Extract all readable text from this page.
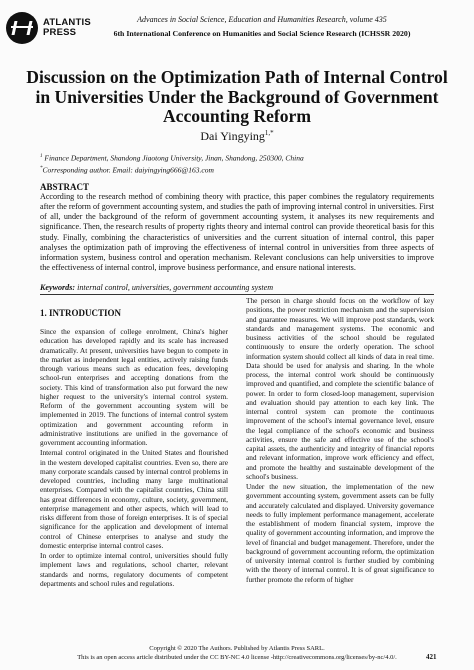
ATLANTIS
PRESS
Advances in Social Science, Education and Humanities Research, volume 435
6th International Conference on Humanities and Social Science Research (ICHSSR 2020)
Discussion on the Optimization Path of Internal Control in Universities Under the Background of Government Accounting Reform
Dai Yingying$^{1,*}$
$^1$ Finance Department, Shandong Jiaotong University, Jinan, Shandong, 250300, China
*Corresponding author. Email: daiyingying666@163.com
ABSTRACT
According to the research method of combining theory with practice, this paper combines the regulatory requirements after the reform of government accounting system, and studies the path of improving internal control in universities. First of all, under the background of the reform of government accounting system, it analyses its new requirements and significance. Then, the research results of property rights theory and internal control can provide theoretical basis for this study. Finally, combining the characteristics of universities and the current situation of internal control, this paper analyses the optimization path of improving the effectiveness of internal control in universities from three aspects of information system, business control and operation mechanism. Relevant conclusions can help universities to improve the effectiveness of internal control, improve business performance, and ensure national interests.
Keywords: internal control, universities, government accounting system
1. INTRODUCTION

Since the expansion of college enrolment, China's higher education has developed rapidly and its scale has increased dramatically. At present, universities have begun to compete in the market as independent legal entities, actively raising funds through various means such as education fees, developing school-run enterprises and accepting donations from the society. This kind of transformation also put forward the new higher request to the university's internal control system. Reform of the government accounting system will be implemented in 2019. The functions of internal control system optimization and government accounting reform in administrative institutions are unified in the governance of government accounting information.

Internal control originated in the United States and flourished in the western developed capitalist countries. Even so, there are many corporate scandals caused by internal control problems in developed countries, including many large multinational enterprises. Compared with the capitalist countries, China still has great differences in economy, culture, society, government, enterprise management and other aspects, which will lead to risks different from those of foreign enterprises. It is of special significance for the application and development of internal control of Chinese enterprises to analyse and study the domestic enterprise internal control cases.

In order to optimize internal control, universities should fully implement laws and regulations, school charter, relevant standards and norms, regulatory documents of competent departments and school rules and regulations.

The person in charge should focus on the workflow of key positions, the power restriction mechanism and the supervision and guarantee measures. We will improve post standards, work standards and management systems. The economic and business activities of the school should be regulated continuously to ensure the orderly operation. The school information system should collect all kinds of data in real time. Data should be used for analysis and sharing. In the whole process, the internal control work should be continuously improved and quantified, and complete the scientific balance of power. In order to form closed-loop management, supervision and evaluation should pay attention to each key link. The internal control system can promote the continuous improvement of the school's internal governance level, ensure the legal compliance of the school's economic and business activities, ensure the safe and effective use of the school's capital assets, the authenticity and integrity of financial reports and relevant information, improve work efficiency and effect, and promote the healthy and sustainable development of the school's business.

Under the new situation, the implementation of the new government accounting system, government assets can be fully and accurately calculated and displayed. University governance needs to fully implement performance management, accelerate the establishment of modern financial system, improve the quality of government accounting information, and improve the level of financial and budget management. Therefore, under the background of government accounting reform, the optimization of university internal control is further studied by combining with the theory of internal control. It is of great significance to further promote the reform of higher

Copyright © 2020 The Authors. Published by Atlantis Press SARL.
This is an open access article distributed under the CC BY-NC 4.0 license -http://creativecommons.org/licenses/by-nc/4.0/.	421
